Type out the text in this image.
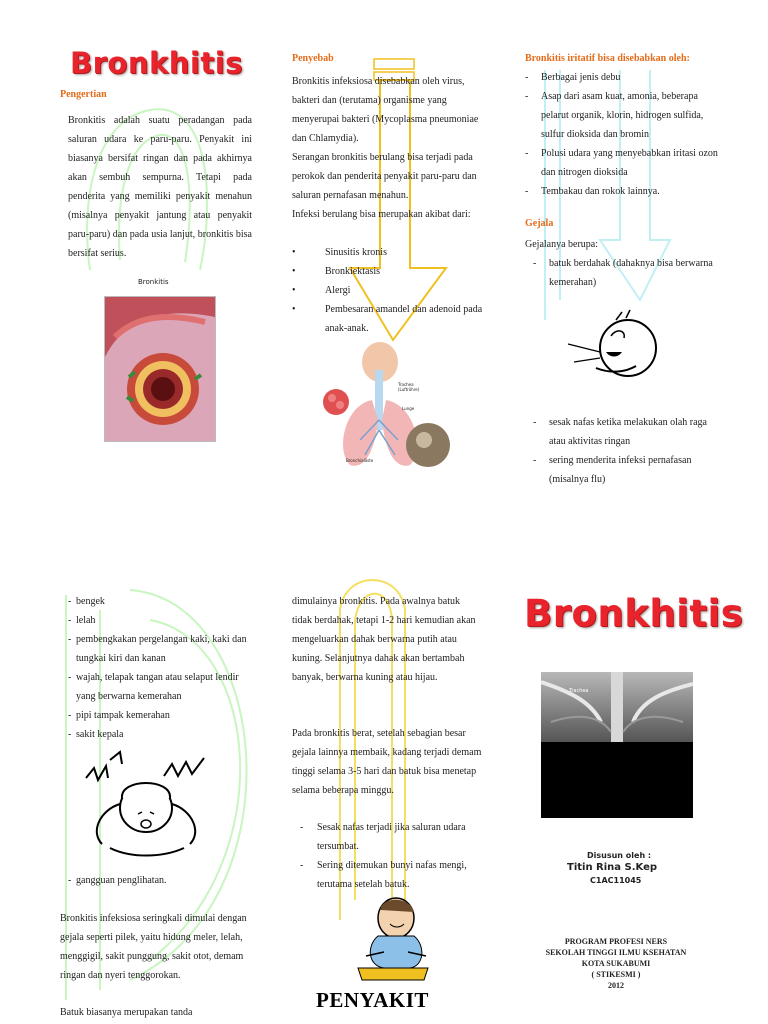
Bronkhitis
Pengertian
Bronkitis adalah suatu peradangan pada saluran udara ke paru-paru. Penyakit ini biasanya bersifat ringan dan pada akhirnya akan sembuh sempurna. Tetapi pada penderita yang memiliki penyakit menahun (misalnya penyakit jantung atau penyakit paru-paru) dan pada usia lanjut, bronkitis bisa bersifat serius.
Bronkitis
Penyebab
Bronkitis infeksiosa disebabkan oleh virus, bakteri dan (terutama) organisme yang menyerupai bakteri (Mycoplasma pneumoniae dan Chlamydia).
Serangan bronkitis berulang bisa terjadi pada perokok dan penderita penyakit paru-paru dan saluran pernafasan menahun.
Infeksi berulang bisa merupakan akibat dari:
•	Sinusitis kronis
•	Bronkiektasis
•	Alergi
•	Pembesaran amandel dan adenoid pada anak-anak.
Trachea (Luftröhre)
Lunge
Bronchialäste
Bronkitis iritatif bisa disebabkan oleh:
- Berbagai jenis debu
- Asap dari asam kuat, amonia, beberapa pelarut organik, klorin, hidrogen sulfida, sulfur dioksida dan bromin
- Polusi udara yang menyebabkan iritasi ozon dan nitrogen dioksida
- Tembakau dan rokok lainnya.
Gejala
Gejalanya berupa:
- batuk berdahak (dahaknya bisa berwarna kemerahan)
- sesak nafas ketika melakukan olah raga atau aktivitas ringan
- sering menderita infeksi pernafasan (misalnya flu)
- bengek
- lelah
- pembengkakan pergelangan kaki, kaki dan tungkai kiri dan kanan
- wajah, telapak tangan atau selaput lendir yang berwarna kemerahan
- pipi tampak kemerahan
- sakit kepala
- gangguan penglihatan.
Bronkitis infeksiosa seringkali dimulai dengan gejala seperti pilek, yaitu hidung meler, lelah, menggigil, sakit punggung, sakit otot, demam ringan dan nyeri tenggorokan.
Batuk biasanya merupakan tanda
dimulainya bronkitis. Pada awalnya batuk tidak berdahak, tetapi 1-2 hari kemudian akan mengeluarkan dahak berwarna putih atau kuning. Selanjutnya dahak akan bertambah banyak, berwarna kuning atau hijau.
Pada bronkitis berat, setelah sebagian besar gejala lainnya membaik, kadang terjadi demam tinggi selama 3-5 hari dan batuk bisa menetap selama beberapa minggu.
- Sesak nafas terjadi jika saluran udara tersumbat.
- Sering ditemukan bunyi nafas mengi, terutama setelah batuk.
PENYAKIT
Bronkhitis
Trachea
Disusun oleh :
Titin Rina S.Kep
C1AC11045
PROGRAM PROFESI NERS
SEKOLAH TINGGI ILMU KSEHATAN
KOTA SUKABUMI
( STIKESMI )
2012
